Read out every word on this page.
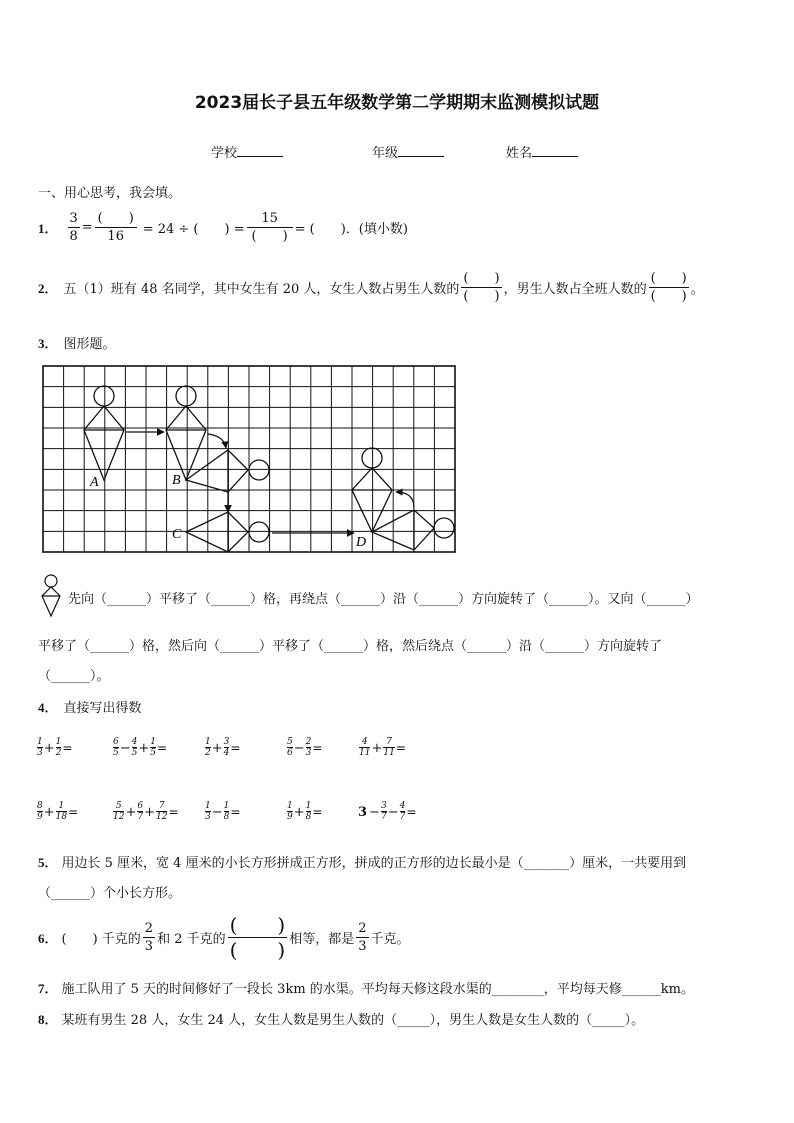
2023届长子县五年级数学第二学期期末监测模拟试题
学校	年级	姓名
一、用心思考，我会填。
1． $\frac{3}{8} = \frac{( )}{16} = 24$ ÷ (　　) = $\frac{15}{( )}$ = (　　)．(填小数)
2． 五（1）班有 48 名同学，其中女生有 20 人，女生人数占男生人数的 $\frac{( )}{( )}$ ，男生人数占全班人数的 $\frac{( )}{( )}$ 。
3． 图形题。
A	B
C
D
先向（______）平移了（______）格，再绕点（______）沿（______）方向旋转了（______）。又向（______）
平移了（______）格，然后向（______）平移了（______）格，然后绕点（______）沿（______）方向旋转了
（______）。
4． 直接写出得数
$\frac{1}{3} + \frac{1}{2}$ =	$\frac{6}{5} - \frac{4}{5} + \frac{1}{5}$ =	$\frac{1}{2} + \frac{3}{4}$ =	$\frac{5}{6} - \frac{2}{3}$ =	$\frac{4}{11} + \frac{7}{11}$ =
$\frac{8}{9} + \frac{1}{18}$ =	$\frac{5}{12} + \frac{6}{7} + \frac{7}{12}$ =	$\frac{1}{3} - \frac{1}{8}$ =	$\frac{1}{9} + \frac{1}{8}$ =	$3 - \frac{3}{7} - \frac{4}{7}$ =
5． 用边长 5 厘米，宽 4 厘米的小长方形拼成正方形，拼成的正方形的边长最小是（_______）厘米，一共要用到
（______）个小长方形。
6． (　　) 千克的 $\frac{2}{3}$ 和 2 千克的 $\frac{( )}{( )}$ 相等，都是 $\frac{2}{3}$ 千克。
7． 施工队用了 5 天的时间修好了一段长 3km 的水渠。平均每天修这段水渠的________，平均每天修______km。
8． 某班有男生 28 人，女生 24 人，女生人数是男生人数的（_____），男生人数是女生人数的（_____）。
